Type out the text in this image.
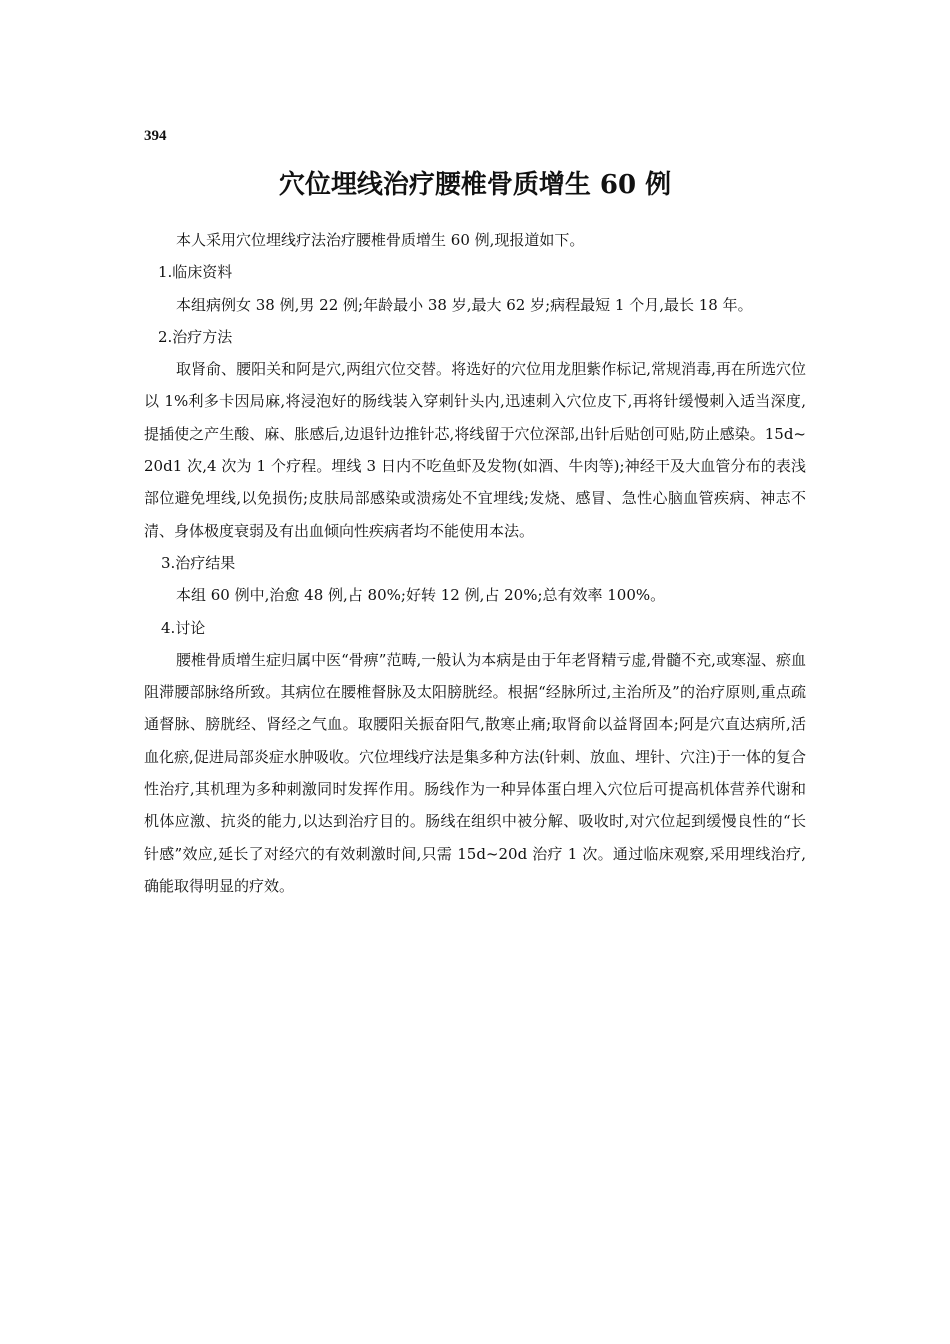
394
穴位埋线治疗腰椎骨质增生 60 例

本人采用穴位埋线疗法治疗腰椎骨质增生 60 例,现报道如下。

1.临床资料

本组病例女 38 例,男 22 例;年龄最小 38 岁,最大 62 岁;病程最短 1 个月,最长 18 年。

2.治疗方法

取肾俞、腰阳关和阿是穴,两组穴位交替。将选好的穴位用龙胆紫作标记,常规消毒,再在所选穴位以 1%利多卡因局麻,将浸泡好的肠线装入穿刺针头内,迅速刺入穴位皮下,再将针缓慢刺入适当深度,提插使之产生酸、麻、胀感后,边退针边推针芯,将线留于穴位深部,出针后贴创可贴,防止感染。15d~20d1 次,4 次为 1 个疗程。埋线 3 日内不吃鱼虾及发物(如酒、牛肉等);神经干及大血管分布的表浅部位避免埋线,以免损伤;皮肤局部感染或溃疡处不宜埋线;发烧、感冒、急性心脑血管疾病、神志不清、身体极度衰弱及有出血倾向性疾病者均不能使用本法。

3.治疗结果

本组 60 例中,治愈 48 例,占 80%;好转 12 例,占 20%;总有效率 100%。

4.讨论

腰椎骨质增生症归属中医“骨痹”范畴,一般认为本病是由于年老肾精亏虚,骨髓不充,或寒湿、瘀血阻滞腰部脉络所致。其病位在腰椎督脉及太阳膀胱经。根据“经脉所过,主治所及”的治疗原则,重点疏通督脉、膀胱经、肾经之气血。取腰阳关振奋阳气,散寒止痛;取肾俞以益肾固本;阿是穴直达病所,活血化瘀,促进局部炎症水肿吸收。穴位埋线疗法是集多种方法(针刺、放血、埋针、穴注)于一体的复合性治疗,其机理为多种刺激同时发挥作用。肠线作为一种异体蛋白埋入穴位后可提高机体营养代谢和机体应激、抗炎的能力,以达到治疗目的。肠线在组织中被分解、吸收时,对穴位起到缓慢良性的“长针感”效应,延长了对经穴的有效刺激时间,只需 15d~20d 治疗 1 次。通过临床观察,采用埋线治疗,确能取得明显的疗效。
